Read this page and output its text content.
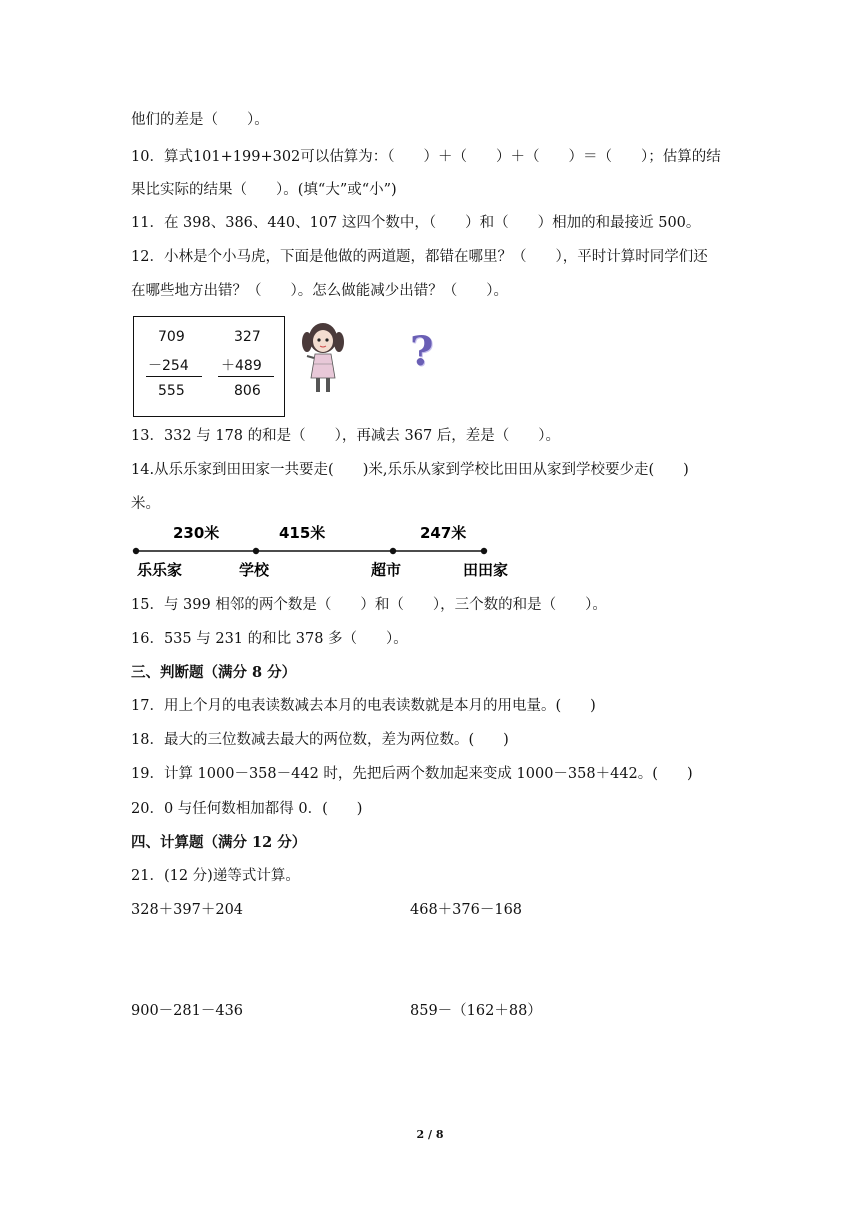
他们的差是（　　）。
10．算式101+199+302可以估算为：（　　）＋（　　）＋（　　）＝（　　）；估算的结
果比实际的结果（　　）。(填“大”或“小”)
11．在 398、386、440、107 这四个数中，（　　）和（　　）相加的和最接近 500。
12．小林是个小马虎，下面是他做的两道题，都错在哪里？（　　），平时计算时同学们还
在哪些地方出错？（　　）。怎么做能减少出错？（　　）。
709
－254
555
327
＋489
806
?
13．332 与 178 的和是（　　），再减去 367 后，差是（　　）。
14.从乐乐家到田田家一共要走(　　)米,乐乐从家到学校比田田从家到学校要少走(　　)
米。
230米	415米	247米
乐乐家	学校	超市	田田家
15．与 399 相邻的两个数是（　　）和（　　），三个数的和是（　　）。
16．535 与 231 的和比 378 多（　　）。
三、判断题（满分 8 分）
17．用上个月的电表读数减去本月的电表读数就是本月的用电量。(　　)
18．最大的三位数减去最大的两位数，差为两位数。(　　)
19．计算 1000－358－442 时，先把后两个数加起来变成 1000－358＋442。(　　)
20．0 与任何数相加都得 0．(　　)
四、计算题（满分 12 分）
21．(12 分)递等式计算。
328＋397＋204	468＋376－168
900－281－436	859－（162＋88）
2 / 8
